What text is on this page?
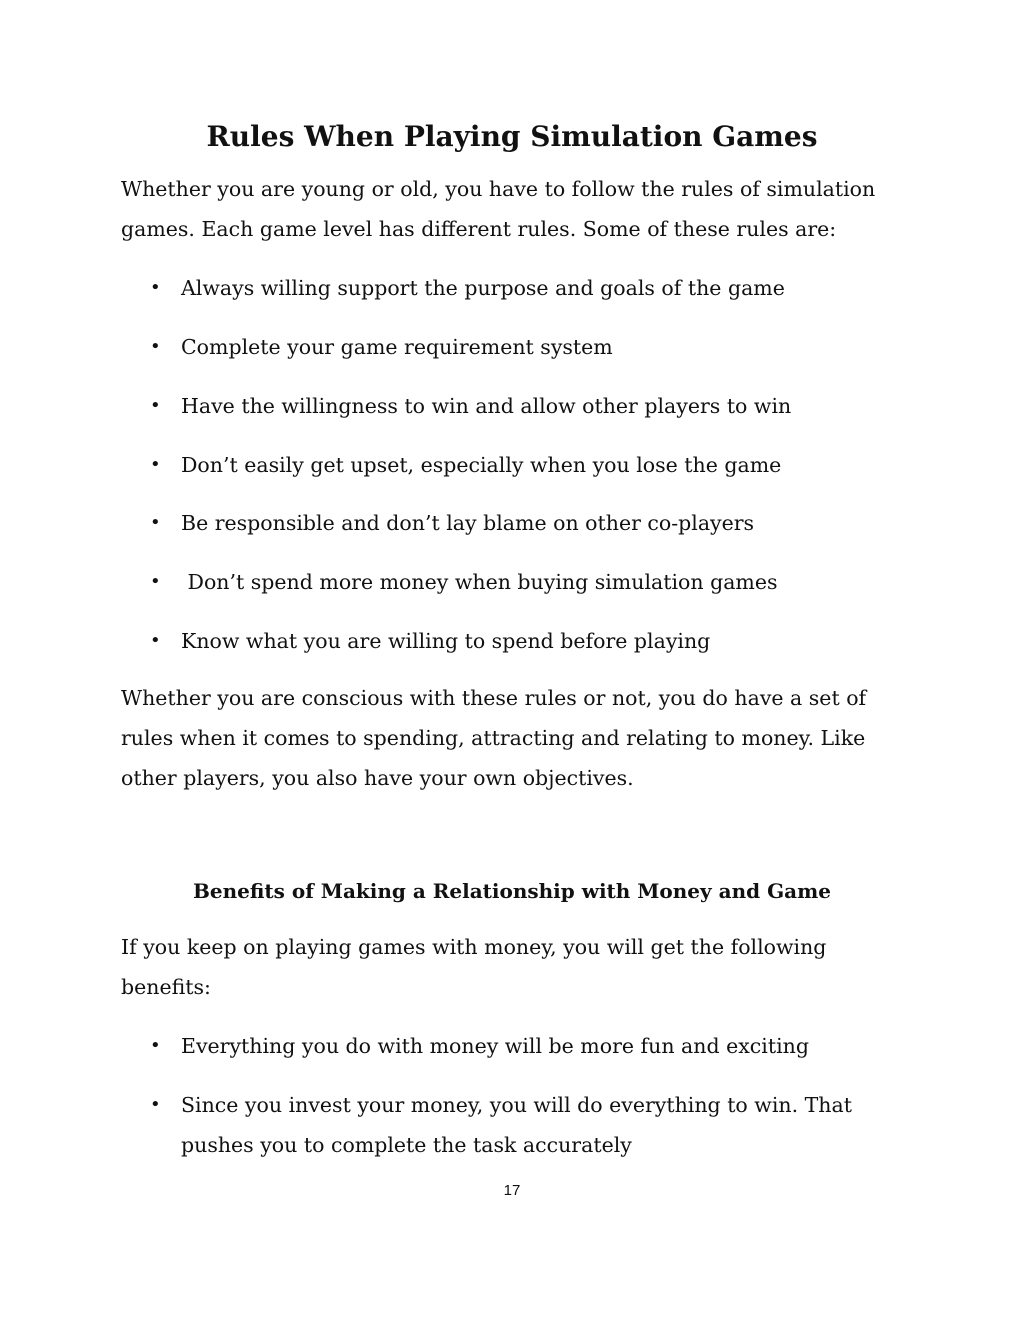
Rules When Playing Simulation Games

Whether you are young or old, you have to follow the rules of simulation games. Each game level has different rules. Some of these rules are:

• Always willing support the purpose and goals of the game
• Complete your game requirement system
• Have the willingness to win and allow other players to win
• Don’t easily get upset, especially when you lose the game
• Be responsible and don’t lay blame on other co-players
• Don’t spend more money when buying simulation games
• Know what you are willing to spend before playing

Whether you are conscious with these rules or not, you do have a set of rules when it comes to spending, attracting and relating to money. Like other players, you also have your own objectives.

Benefits of Making a Relationship with Money and Game

If you keep on playing games with money, you will get the following benefits:

• Everything you do with money will be more fun and exciting
• Since you invest your money, you will do everything to win. That pushes you to complete the task accurately
17
